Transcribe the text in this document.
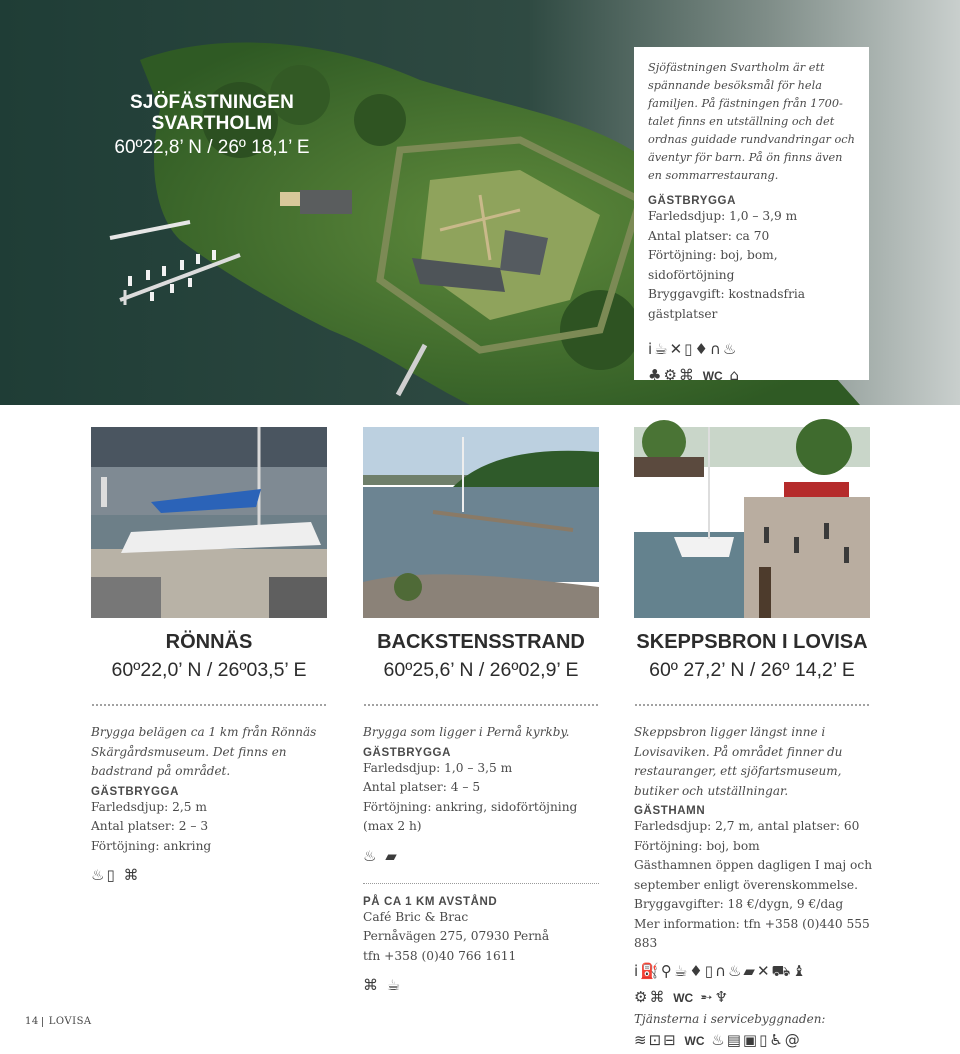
SJÖFÄSTNINGEN
SVARTHOLM
60º22,8’ N / 26º 18,1’ E

Sjöfästningen Svartholm är ett spännande besöksmål för hela familjen. På fästningen från 1700-talet finns en utställning och det ordnas guidade rundvandringar och äventyr för barn. På ön finns även en sommarrestaurang.

GÄSTBRYGGA
Farledsdjup: 1,0 – 3,9 m
Antal platser: ca 70
Förtöjning: boj, bom, sidoförtöjning
Bryggavgift: kostnadsfria gästplatser
i☕✕▯♦∩♨
♣⚙⌘ WC ⌂
RÖNNÄS
60º22,0’ N / 26º03,5’ E

Brygga belägen ca 1 km från Rönnäs Skärgårdsmuseum. Det finns en badstrand på området.

GÄSTBRYGGA
Farledsdjup: 2,5 m
Antal platser: 2 – 3
Förtöjning: ankring
♨▯ ⌘
BACKSTENSSTRAND
60º25,6’ N / 26º02,9’ E

Brygga som ligger i Pernå kyrkby.

GÄSTBRYGGA
Farledsdjup: 1,0 – 3,5 m
Antal platser: 4 – 5
Förtöjning: ankring, sidoförtöjning
(max 2 h)
♨ ▰
PÅ CA 1 KM AVSTÅND
Café Bric & Brac
Pernåvägen 275, 07930 Pernå
tfn +358 (0)40 766 1611
⌘ ☕
SKEPPSBRON I LOVISA
60º 27,2’ N / 26º 14,2’ E

Skeppsbron ligger längst inne i Lovisaviken. På området finner du restauranger, ett sjöfartsmuseum, butiker och utställningar.

GÄSTHAMN
Farledsdjup: 2,7 m, antal platser: 60
Förtöjning: boj, bom
Gästhamnen öppen dagligen I maj och september enligt överenskommelse.
Bryggavgifter: 18 €/dygn, 9 €/dag
Mer information: tfn +358 (0)440 555 883
i⛽⚲☕♦▯∩♨▰✕⛟♝
⚙⌘ WC ➵♆

Tjänsterna i servicebyggnaden:

≋⊡⊟ WC ♨▤▣▯♿@
14 LOVISA
